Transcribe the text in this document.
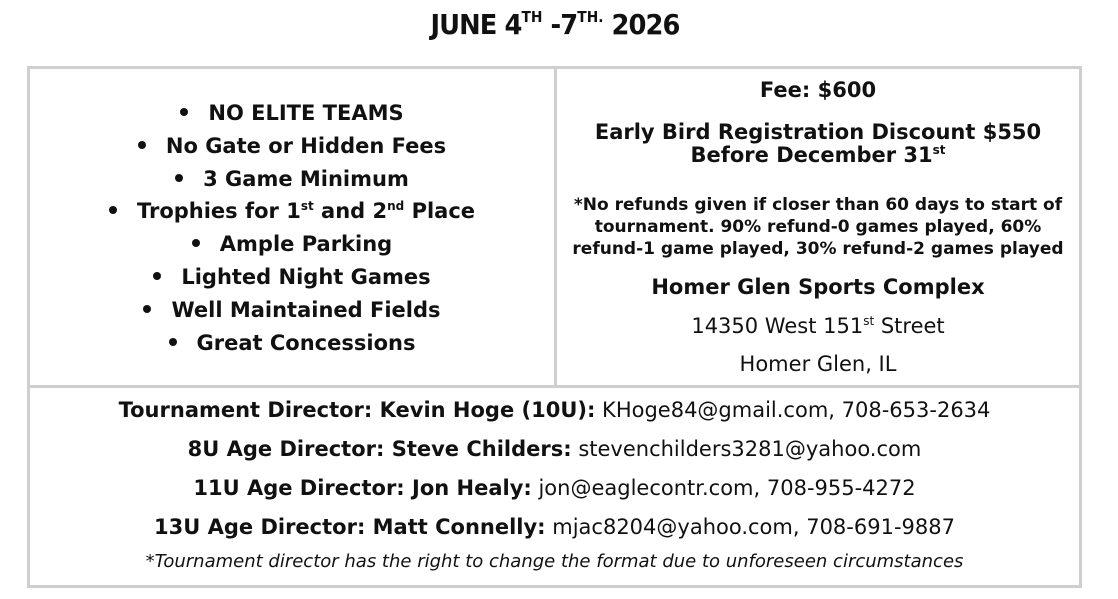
JUNE 4TH $-7^{TH.}$ 2026
NO ELITE TEAMS
No Gate or Hidden Fees
3 Game Minimum
Trophies for 1st and 2nd Place
Ample Parking
Lighted Night Games
Well Maintained Fields
Great Concessions
Fee: $600
Early Bird Registration Discount $550
Before December 31st
*No refunds given if closer than 60 days to start of
tournament. 90% refund-0 games played, 60%
refund-1 game played, 30% refund-2 games played
Homer Glen Sports Complex
14350 West 151st Street
Homer Glen, IL
Tournament Director: Kevin Hoge (10U): KHoge84@gmail.com, 708-653-2634
8U Age Director: Steve Childers: stevenchilders3281@yahoo.com
11U Age Director: Jon Healy: jon@eaglecontr.com, 708-955-4272
13U Age Director: Matt Connelly: mjac8204@yahoo.com, 708-691-9887
*Tournament director has the right to change the format due to unforeseen circumstances
